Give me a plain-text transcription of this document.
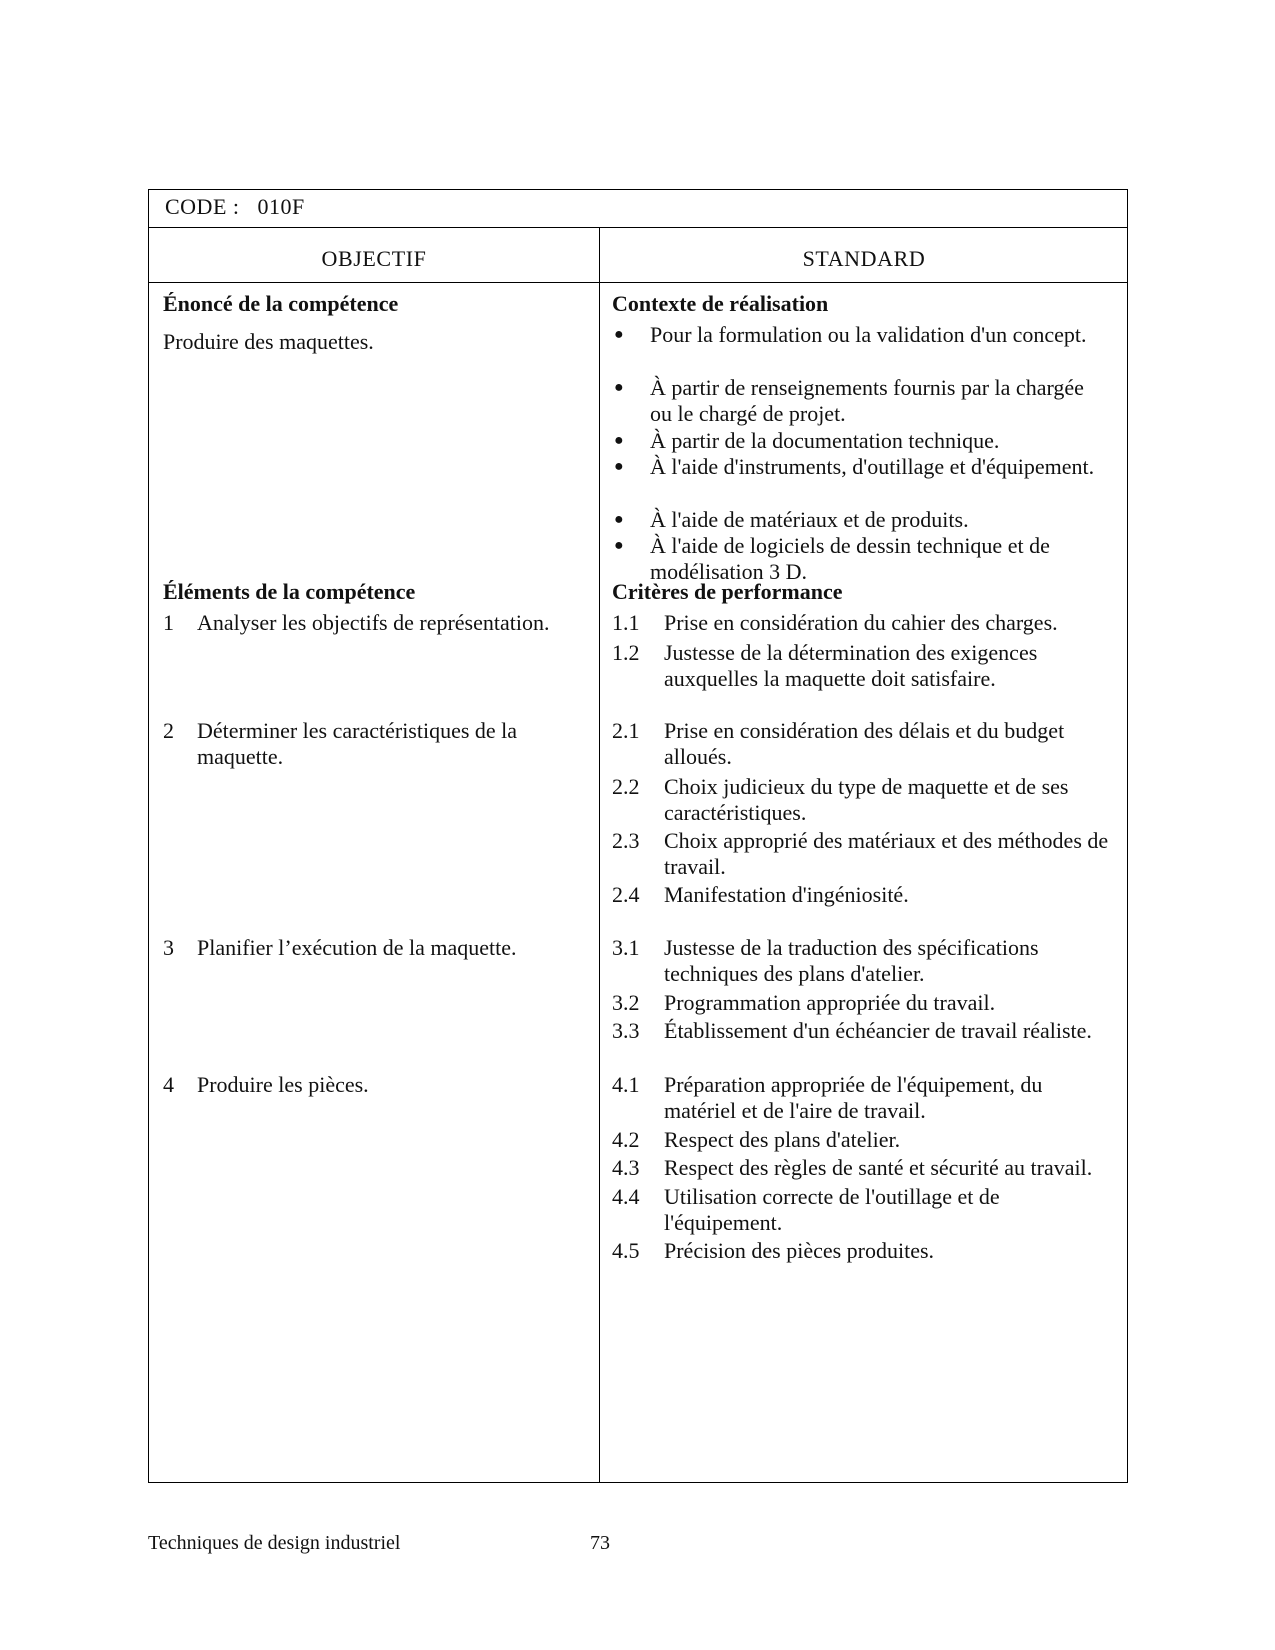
CODE : 010F
OBJECTIF	STANDARD
Énoncé de la compétence
Produire des maquettes.
Éléments de la compétence
1 Analyser les objectifs de représentation.
2 Déterminer les caractéristiques de la maquette.
3 Planifier l’exécution de la maquette.
4 Produire les pièces.
Contexte de réalisation
● Pour la formulation ou la validation d'un concept.
● À partir de renseignements fournis par la chargée ou le chargé de projet.
● À partir de la documentation technique.
● À l'aide d'instruments, d'outillage et d'équipement.
● À l'aide de matériaux et de produits.
● À l'aide de logiciels de dessin technique et de modélisation 3 D.
Critères de performance
1.1 Prise en considération du cahier des charges.
1.2 Justesse de la détermination des exigences auxquelles la maquette doit satisfaire.
2.1 Prise en considération des délais et du budget alloués.
2.2 Choix judicieux du type de maquette et de ses caractéristiques.
2.3 Choix approprié des matériaux et des méthodes de travail.
2.4 Manifestation d'ingéniosité.
3.1 Justesse de la traduction des spécifications techniques des plans d'atelier.
3.2 Programmation appropriée du travail.
3.3 Établissement d'un échéancier de travail réaliste.
4.1 Préparation appropriée de l'équipement, du matériel et de l'aire de travail.
4.2 Respect des plans d'atelier.
4.3 Respect des règles de santé et sécurité au travail.
4.4 Utilisation correcte de l'outillage et de l'équipement.
4.5 Précision des pièces produites.
Techniques de design industriel	73
